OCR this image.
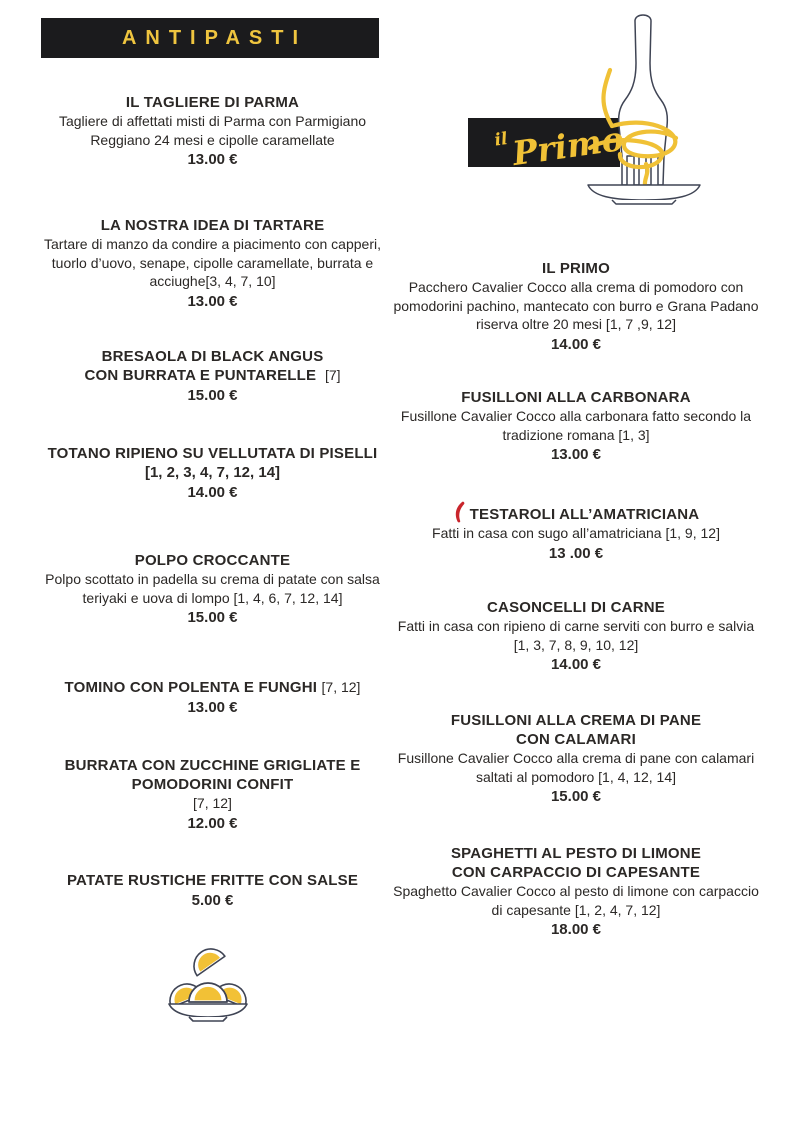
ANTIPASTI
il Primo
IL TAGLIERE DI PARMA
Tagliere di affettati misti di Parma con Parmigiano Reggiano 24 mesi e cipolle caramellate
13.00 €
LA NOSTRA IDEA DI TARTARE
Tartare di manzo da condire a piacimento con capperi, tuorlo d’uovo, senape, cipolle caramellate, burrata e acciughe[3, 4, 7, 10]
13.00 €
BRESAOLA DI BLACK ANGUS
CON BURRATA E PUNTARELLE [7]
15.00 €
TOTANO RIPIENO SU VELLUTATA DI PISELLI
[1, 2, 3, 4, 7, 12, 14]
14.00 €
POLPO CROCCANTE
Polpo scottato in padella su crema di patate con salsa teriyaki e uova di lompo [1, 4, 6, 7, 12, 14]
15.00 €
TOMINO CON POLENTA E FUNGHI [7, 12]
13.00 €
BURRATA CON ZUCCHINE GRIGLIATE E
POMODORINI CONFIT
[7, 12]
12.00 €
PATATE RUSTICHE FRITTE CON SALSE
5.00 €
IL PRIMO
Pacchero Cavalier Cocco alla crema di pomodoro con pomodorini pachino, mantecato con burro e Grana Padano riserva oltre 20 mesi [1, 7 ,9, 12]
14.00 €
FUSILLONI ALLA CARBONARA
Fusillone Cavalier Cocco alla carbonara fatto secondo la tradizione romana [1, 3]
13.00 €
TESTAROLI ALL’AMATRICIANA
Fatti in casa con sugo all’amatriciana [1, 9, 12]
13 .00 €
CASONCELLI DI CARNE
Fatti in casa con ripieno di carne serviti con burro e salvia [1, 3, 7, 8, 9, 10, 12]
14.00 €
FUSILLONI ALLA CREMA DI PANE
CON CALAMARI
Fusillone Cavalier Cocco alla crema di pane con calamari saltati al pomodoro [1, 4, 12, 14]
15.00 €
SPAGHETTI AL PESTO DI LIMONE
CON CARPACCIO DI CAPESANTE
Spaghetto Cavalier Cocco al pesto di limone con carpaccio di capesante [1, 2, 4, 7, 12]
18.00 €
